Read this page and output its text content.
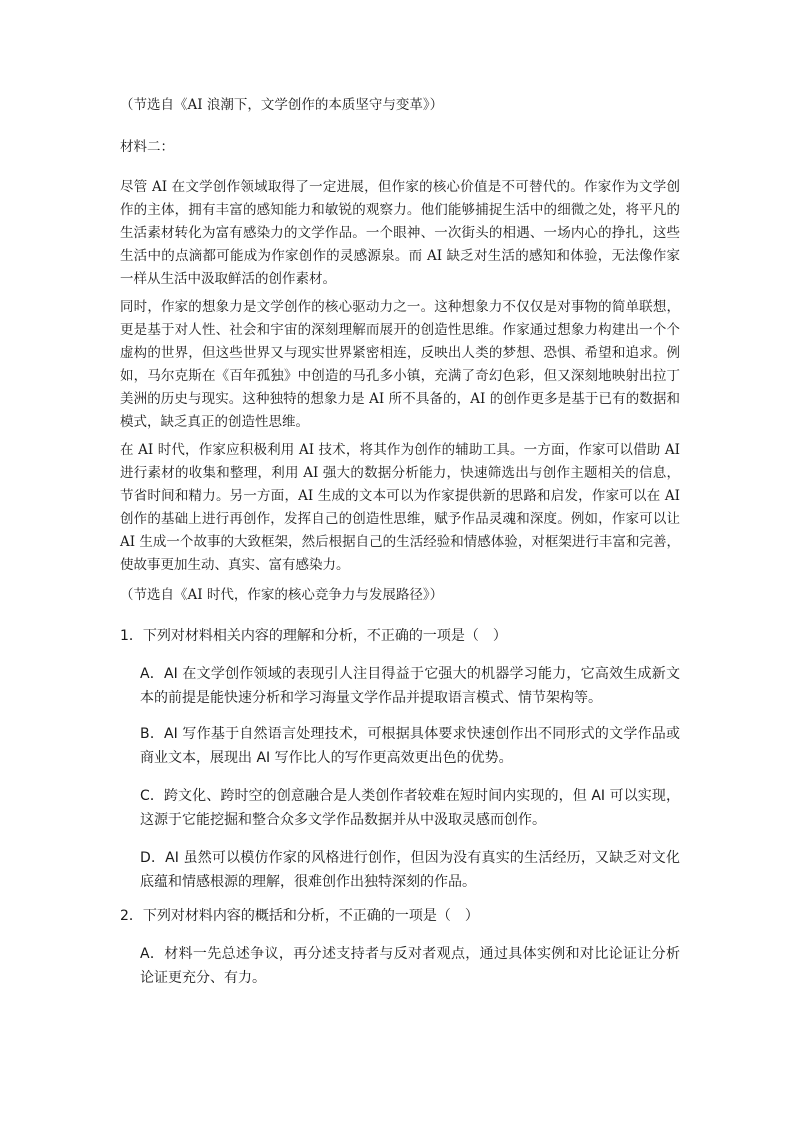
（节选自《AI 浪潮下，文学创作的本质坚守与变革》）

材料二：

尽管 AI 在文学创作领域取得了一定进展，但作家的核心价值是不可替代的。作家作为文学创作的主体，拥有丰富的感知能力和敏锐的观察力。他们能够捕捉生活中的细微之处，将平凡的生活素材转化为富有感染力的文学作品。一个眼神、一次街头的相遇、一场内心的挣扎，这些生活中的点滴都可能成为作家创作的灵感源泉。而 AI 缺乏对生活的感知和体验，无法像作家一样从生活中汲取鲜活的创作素材。

同时，作家的想象力是文学创作的核心驱动力之一。这种想象力不仅仅是对事物的简单联想，更是基于对人性、社会和宇宙的深刻理解而展开的创造性思维。作家通过想象力构建出一个个虚构的世界，但这些世界又与现实世界紧密相连，反映出人类的梦想、恐惧、希望和追求。例如，马尔克斯在《百年孤独》中创造的马孔多小镇，充满了奇幻色彩，但又深刻地映射出拉丁美洲的历史与现实。这种独特的想象力是 AI 所不具备的，AI 的创作更多是基于已有的数据和模式，缺乏真正的创造性思维。

在 AI 时代，作家应积极利用 AI 技术，将其作为创作的辅助工具。一方面，作家可以借助 AI 进行素材的收集和整理，利用 AI 强大的数据分析能力，快速筛选出与创作主题相关的信息，节省时间和精力。另一方面，AI 生成的文本可以为作家提供新的思路和启发，作家可以在 AI 创作的基础上进行再创作，发挥自己的创造性思维，赋予作品灵魂和深度。例如，作家可以让 AI 生成一个故事的大致框架，然后根据自己的生活经验和情感体验，对框架进行丰富和完善，使故事更加生动、真实、富有感染力。

（节选自《AI 时代，作家的核心竞争力与发展路径》）

1．下列对材料相关内容的理解和分析，不正确的一项是（　）

A．AI 在文学创作领域的表现引人注目得益于它强大的机器学习能力，它高效生成新文本的前提是能快速分析和学习海量文学作品并提取语言模式、情节架构等。

B．AI 写作基于自然语言处理技术，可根据具体要求快速创作出不同形式的文学作品或商业文本，展现出 AI 写作比人的写作更高效更出色的优势。

C．跨文化、跨时空的创意融合是人类创作者较难在短时间内实现的，但 AI 可以实现，这源于它能挖掘和整合众多文学作品数据并从中汲取灵感而创作。

D．AI 虽然可以模仿作家的风格进行创作，但因为没有真实的生活经历，又缺乏对文化底蕴和情感根源的理解，很难创作出独特深刻的作品。

2．下列对材料内容的概括和分析，不正确的一项是（　）

A．材料一先总述争议，再分述支持者与反对者观点，通过具体实例和对比论证让分析论证更充分、有力。
